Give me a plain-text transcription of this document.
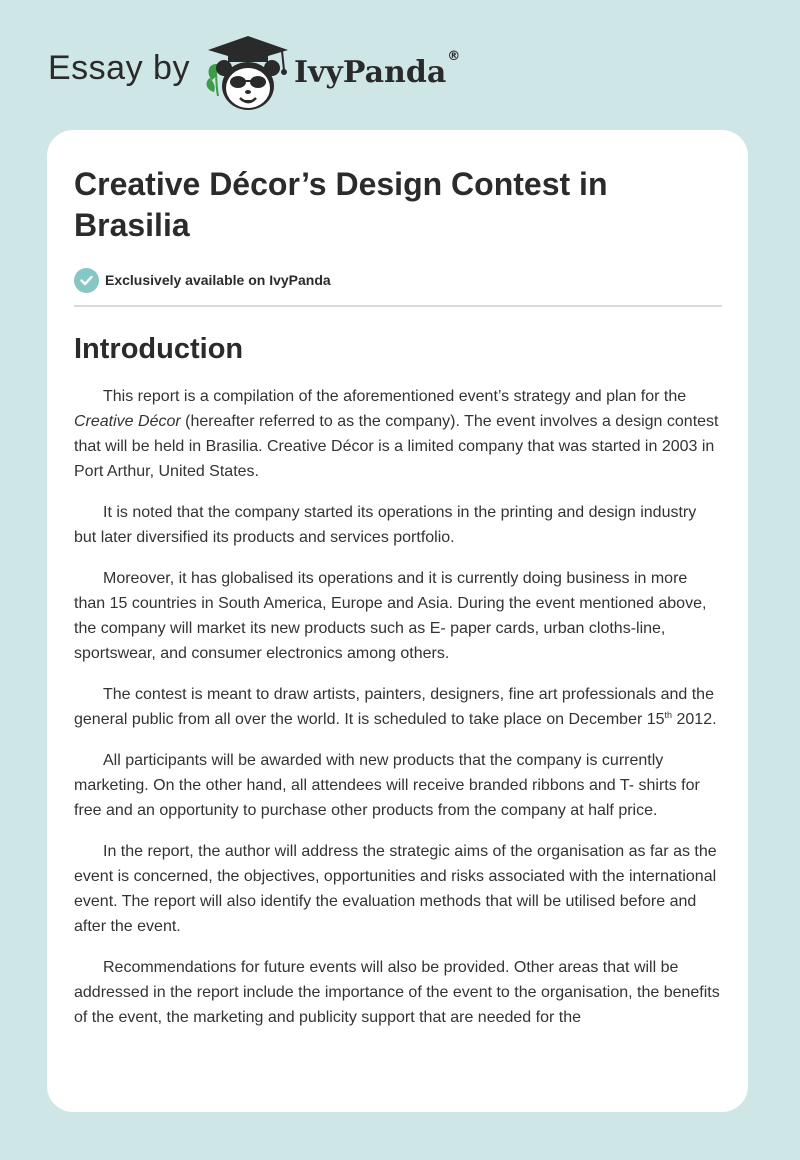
Essay by	IvyPanda ®
Creative Décor’s Design Contest in Brasilia
Exclusively available on IvyPanda
Introduction

This report is a compilation of the aforementioned event’s strategy and plan for the Creative Décor (hereafter referred to as the company). The event involves a design contest that will be held in Brasilia. Creative Décor is a limited company that was started in 2003 in Port Arthur, United States.

It is noted that the company started its operations in the printing and design industry but later diversified its products and services portfolio.

Moreover, it has globalised its operations and it is currently doing business in more than 15 countries in South America, Europe and Asia. During the event mentioned above, the company will market its new products such as E- paper cards, urban cloths-line, sportswear, and consumer electronics among others.

The contest is meant to draw artists, painters, designers, fine art professionals and the general public from all over the world. It is scheduled to take place on December 15th 2012.

All participants will be awarded with new products that the company is currently marketing. On the other hand, all attendees will receive branded ribbons and T- shirts for free and an opportunity to purchase other products from the company at half price.

In the report, the author will address the strategic aims of the organisation as far as the event is concerned, the objectives, opportunities and risks associated with the international event. The report will also identify the evaluation methods that will be utilised before and after the event.

Recommendations for future events will also be provided. Other areas that will be addressed in the report include the importance of the event to the organisation, the benefits of the event, the marketing and publicity support that are needed for the
